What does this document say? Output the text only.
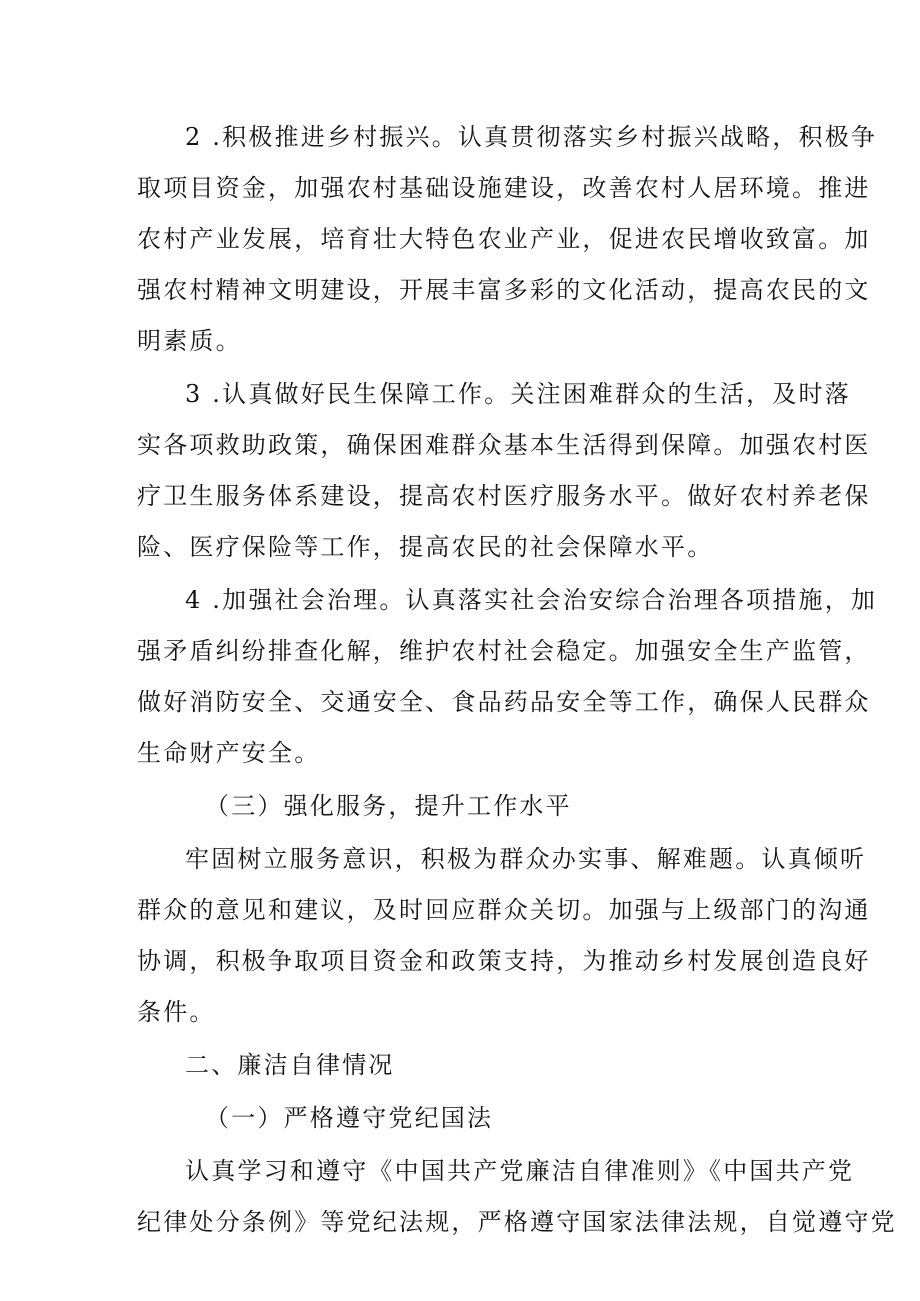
2 .积极推进乡村振兴。认真贯彻落实乡村振兴战略，积极争
取项目资金，加强农村基础设施建设，改善农村人居环境。推进
农村产业发展，培育壮大特色农业产业，促进农民增收致富。加
强农村精神文明建设，开展丰富多彩的文化活动，提高农民的文
明素质。
3 .认真做好民生保障工作。关注困难群众的生活，及时落
实各项救助政策，确保困难群众基本生活得到保障。加强农村医
疗卫生服务体系建设，提高农村医疗服务水平。做好农村养老保
险、医疗保险等工作，提高农民的社会保障水平。
4 .加强社会治理。认真落实社会治安综合治理各项措施，加
强矛盾纠纷排查化解，维护农村社会稳定。加强安全生产监管，
做好消防安全、交通安全、食品药品安全等工作，确保人民群众
生命财产安全。
（三）强化服务，提升工作水平
牢固树立服务意识，积极为群众办实事、解难题。认真倾听
群众的意见和建议，及时回应群众关切。加强与上级部门的沟通
协调，积极争取项目资金和政策支持，为推动乡村发展创造良好
条件。
二、廉洁自律情况
（一）严格遵守党纪国法
认真学习和遵守《中国共产党廉洁自律准则》《中国共产党
纪律处分条例》等党纪法规，严格遵守国家法律法规，自觉遵守党
